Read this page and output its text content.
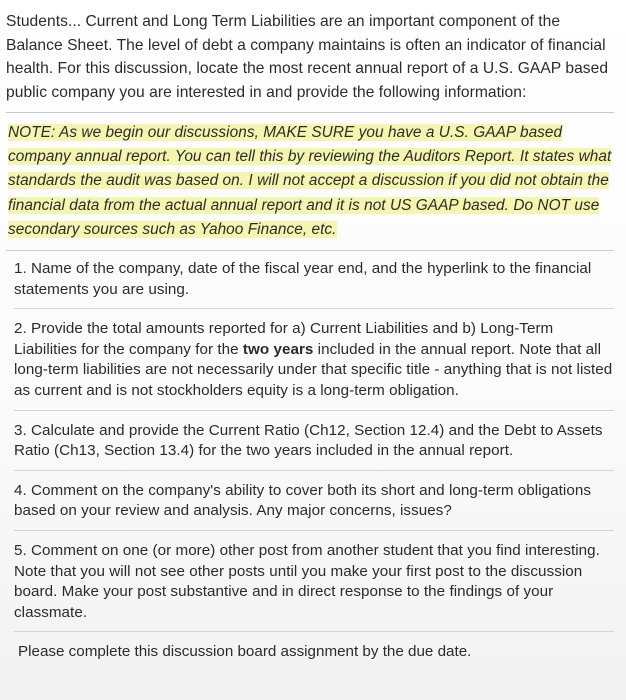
Students... Current and Long Term Liabilities are an important component of the Balance Sheet. The level of debt a company maintains is often an indicator of financial health. For this discussion, locate the most recent annual report of a U.S. GAAP based public company you are interested in and provide the following information:
NOTE: As we begin our discussions, MAKE SURE you have a U.S. GAAP based company annual report. You can tell this by reviewing the Auditors Report. It states what standards the audit was based on. I will not accept a discussion if you did not obtain the financial data from the actual annual report and it is not US GAAP based. Do NOT use secondary sources such as Yahoo Finance, etc.
1. Name of the company, date of the fiscal year end, and the hyperlink to the financial statements you are using.
2. Provide the total amounts reported for a) Current Liabilities and b) Long-Term Liabilities for the company for the two years included in the annual report. Note that all long-term liabilities are not necessarily under that specific title - anything that is not listed as current and is not stockholders equity is a long-term obligation.
3. Calculate and provide the Current Ratio (Ch12, Section 12.4) and the Debt to Assets Ratio (Ch13, Section 13.4) for the two years included in the annual report.
4. Comment on the company's ability to cover both its short and long-term obligations based on your review and analysis. Any major concerns, issues?
5. Comment on one (or more) other post from another student that you find interesting. Note that you will not see other posts until you make your first post to the discussion board. Make your post substantive and in direct response to the findings of your classmate.
Please complete this discussion board assignment by the due date.
